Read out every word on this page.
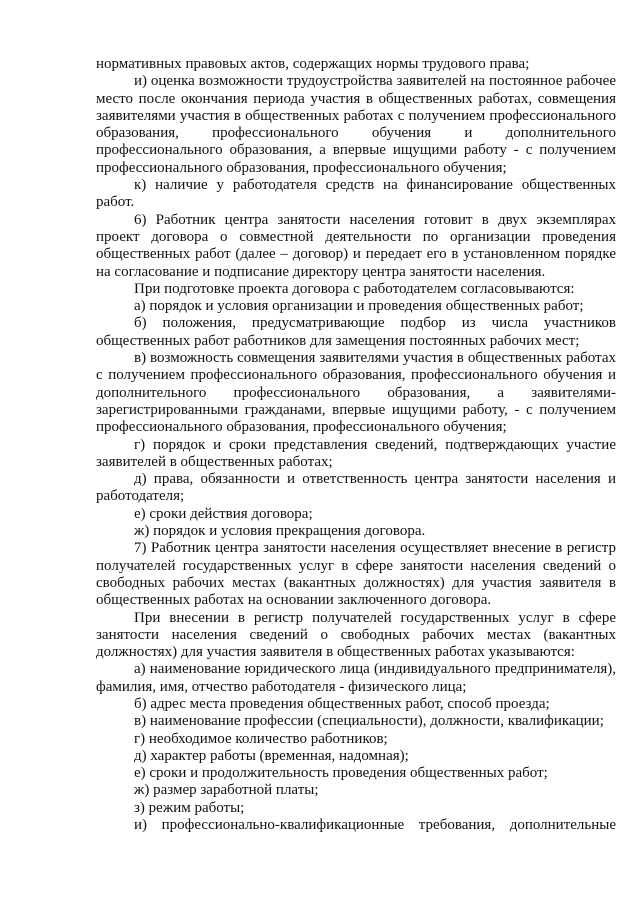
нормативных правовых актов, содержащих нормы трудового права;

и) оценка возможности трудоустройства заявителей на постоянное рабочее место после окончания периода участия в общественных работах, совмещения заявителями участия в общественных работах с получением профессионального образования, профессионального обучения и дополнительного профессионального образования, а впервые ищущими работу - с получением профессионального образования, профессионального обучения;

к) наличие у работодателя средств на финансирование общественных работ.

6) Работник центра занятости населения готовит в двух экземплярах проект договора о совместной деятельности по организации проведения общественных работ (далее – договор) и передает его в установленном порядке на согласование и подписание директору центра занятости населения.

При подготовке проекта договора с работодателем согласовываются:

а) порядок и условия организации и проведения общественных работ;

б) положения, предусматривающие подбор из числа участников общественных работ работников для замещения постоянных рабочих мест;

в) возможность совмещения заявителями участия в общественных работах с получением профессионального образования, профессионального обучения и дополнительного профессионального образования, а заявителями-зарегистрированными гражданами, впервые ищущими работу, - с получением профессионального образования, профессионального обучения;

г) порядок и сроки представления сведений, подтверждающих участие заявителей в общественных работах;

д) права, обязанности и ответственность центра занятости населения и работодателя;

е) сроки действия договора;

ж) порядок и условия прекращения договора.

7) Работник центра занятости населения осуществляет внесение в регистр получателей государственных услуг в сфере занятости населения сведений о свободных рабочих местах (вакантных должностях) для участия заявителя в общественных работах на основании заключенного договора.

При внесении в регистр получателей государственных услуг в сфере занятости населения сведений о свободных рабочих местах (вакантных должностях) для участия заявителя в общественных работах указываются:

а) наименование юридического лица (индивидуального предпринимателя), фамилия, имя, отчество работодателя - физического лица;

б) адрес места проведения общественных работ, способ проезда;

в) наименование профессии (специальности), должности, квалификации;

г) необходимое количество работников;

д) характер работы (временная, надомная);

е) сроки и продолжительность проведения общественных работ;

ж) размер заработной платы;

з) режим работы;

и) профессионально-квалификационные требования, дополнительные
